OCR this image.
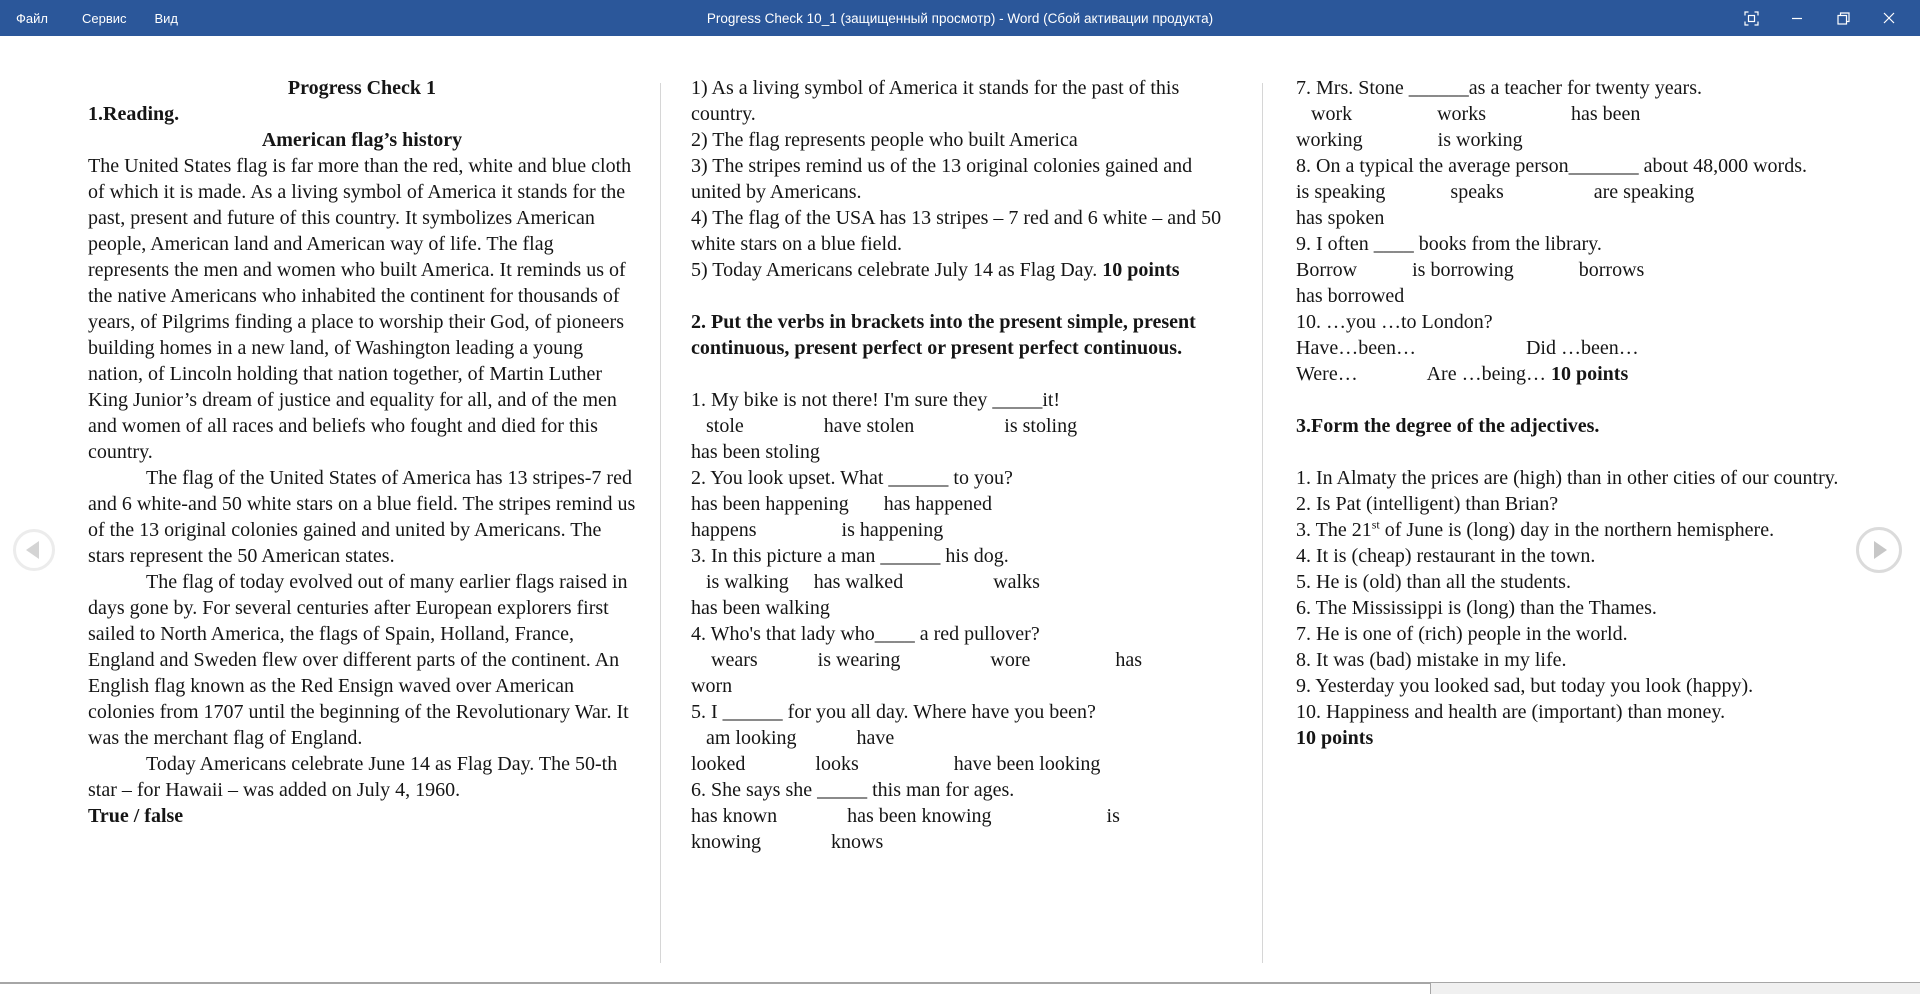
Файл	Сервис	Вид	Progress Check 10_1 (защищенный просмотр) - Word (Сбой активации продукта)
Progress Check 1
1.Reading.
American flag’s history
The United States flag is far more than the red, white and blue cloth of which it is made. As a living symbol of America it stands for the past, present and future of this country. It symbolizes American people, American land and American way of life. The flag represents the men and women who built America. It reminds us of the native Americans who inhabited the continent for thousands of years, of Pilgrims finding a place to worship their God, of pioneers building homes in a new land, of Washington leading a young nation, of Lincoln holding that nation together, of Martin Luther King Junior’s dream of justice and equality for all, and of the men and women of all races and beliefs who fought and died for this country.
The flag of the United States of America has 13 stripes-7 red and 6 white-and 50 white stars on a blue field. The stripes remind us of the 13 original colonies gained and united by Americans. The stars represent the 50 American states.
The flag of today evolved out of many earlier flags raised in days gone by. For several centuries after European explorers first sailed to North America, the flags of Spain, Holland, France, England and Sweden flew over different parts of the continent. An English flag known as the Red Ensign waved over American colonies from 1707 until the beginning of the Revolutionary War. It was the merchant flag of England.
Today Americans celebrate June 14 as Flag Day. The 50-th star – for Hawaii – was added on July 4, 1960.
True / false
1) As a living symbol of America it stands for the past of this country.
2) The flag represents people who built America
3) The stripes remind us of the 13 original colonies gained and united by Americans.
4) The flag of the USA has 13 stripes – 7 red and 6 white – and 50 white stars on a blue field.
5) Today Americans celebrate July 14 as Flag Day. 10 points
2. Put the verbs in brackets into the present simple, present continuous, present perfect or present perfect continuous.
1. My bike is not there! I'm sure they _____it!
stole                have stolen                  is stoling
has been stoling
2. You look upset. What ______ to you?
has been happening       has happened
happens                 is happening
3. In this picture a man ______ his dog.
is walking     has walked                  walks
has been walking
4. Who's that lady who____ a red pullover?
wears            is wearing                  wore                 has
worn
5. I ______ for you all day. Where have you been?
am looking            have
looked              looks                   have been looking
6. She says she _____ this man for ages.
has known              has been knowing                       is
knowing              knows
7. Mrs. Stone ______as a teacher for twenty years.
work                 works                 has been
working               is working
8. On a typical the average person_______ about 48,000 words.
is speaking             speaks                  are speaking
has spoken
9. I often ____ books from the library.
Borrow           is borrowing             borrows
has borrowed
10. …you …to London?
Have…been…                      Did …been…
Were…              Are …being… 10 points
3.Form the degree of the adjectives.
1. In Almaty the prices are (high) than in other cities of our country.
2. Is Pat (intelligent) than Brian?
3. The 21st of June is (long) day in the northern hemisphere.
4. It is (cheap) restaurant in the town.
5. He is (old) than all the students.
6. The Mississippi is (long) than the Thames.
7. He is one of (rich) people in the world.
8. It was (bad) mistake in my life.
9. Yesterday you looked sad, but today you look (happy).
10. Happiness and health are (important) than money.
10 points
